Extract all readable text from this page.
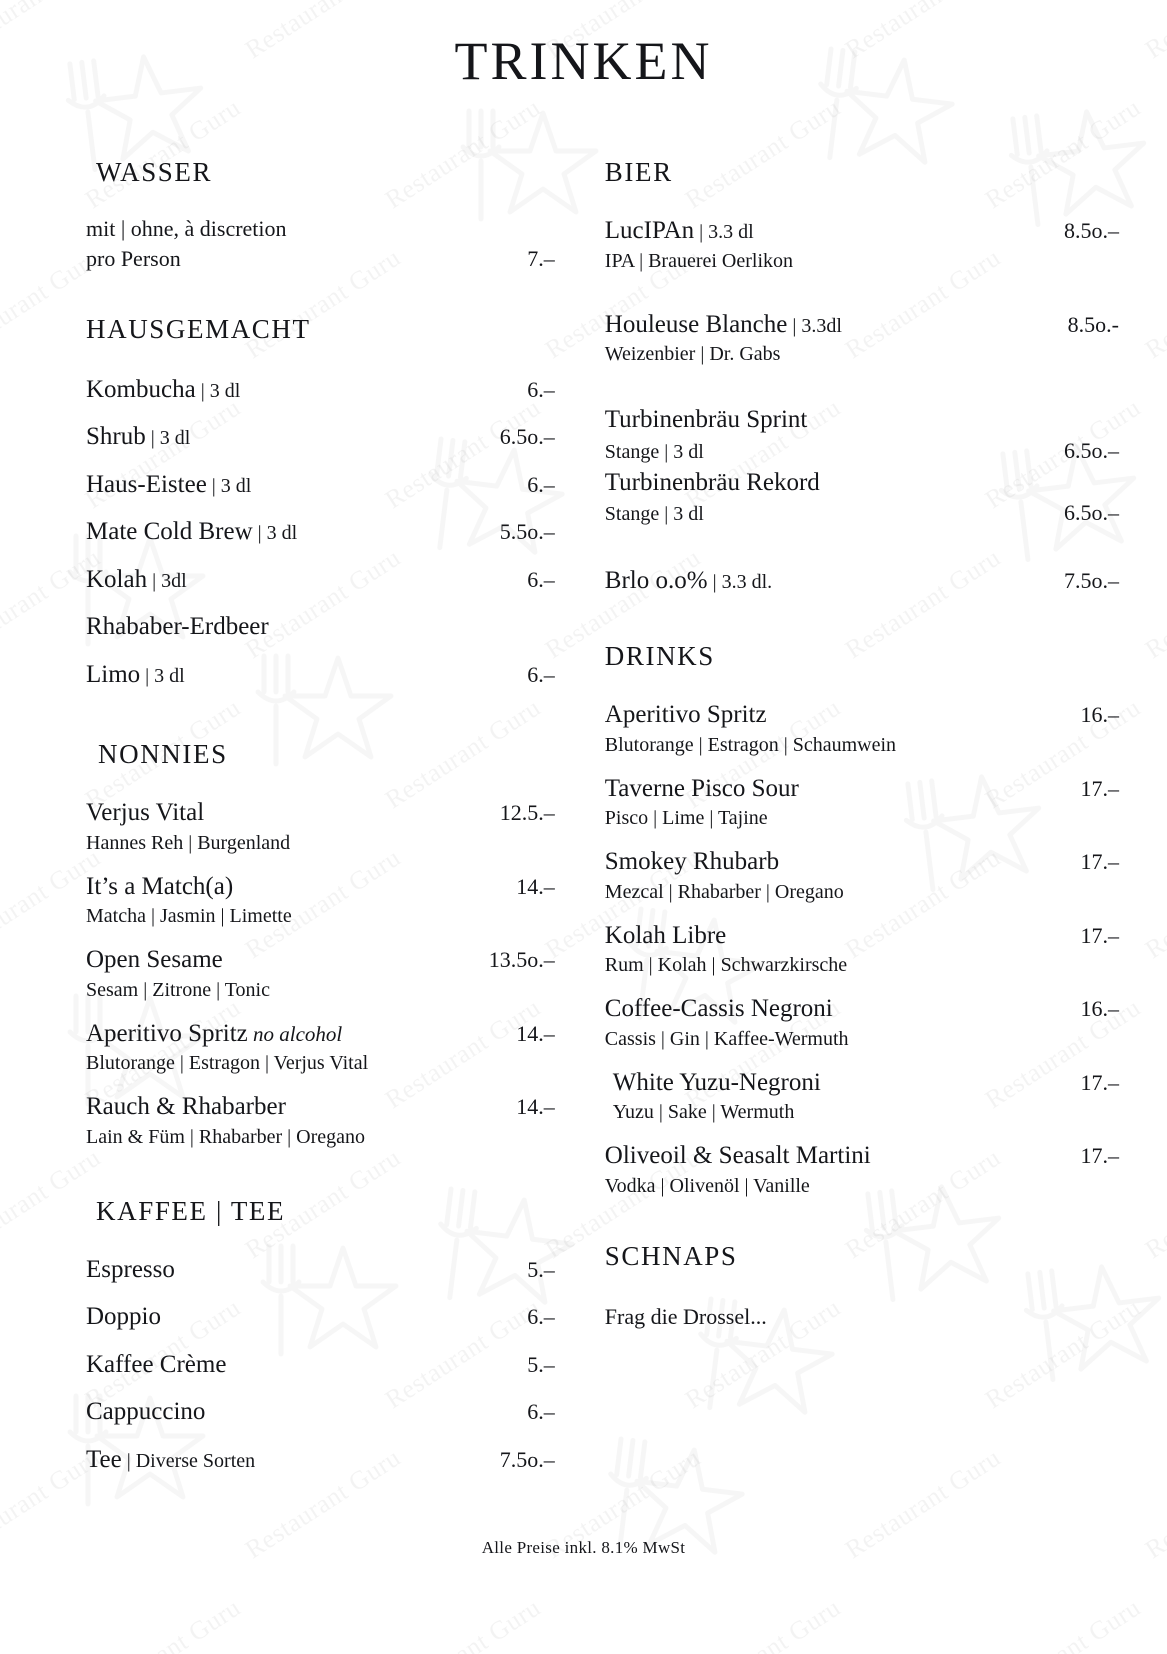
TRINKEN
WASSER
mit | ohne, à discretion
pro Person	7.–
HAUSGEMACHT
Kombucha | 3 dl	6.–
Shrub | 3 dl	6.5o.–
Haus-Eistee | 3 dl	6.–
Mate Cold Brew | 3 dl	5.5o.–
Kolah | 3dl	6.–
Rhababer-Erdbeer
Limo | 3 dl	6.–
NONNIES
Verjus Vital	12.5.–
Hannes Reh | Burgenland
It’s a Match(a)	14.–
Matcha | Jasmin | Limette
Open Sesame	13.5o.–
Sesam | Zitrone | Tonic
Aperitivo Spritz no alcohol	14.–
Blutorange | Estragon | Verjus Vital
Rauch & Rhabarber	14.–
Lain & Füm | Rhabarber | Oregano
KAFFEE | TEE
Espresso	5.–
Doppio	6.–
Kaffee Crème	5.–
Cappuccino	6.–
Tee | Diverse Sorten	7.5o.–
BIER
LucIPAn | 3.3 dl	8.5o.–
IPA | Brauerei Oerlikon
Houleuse Blanche | 3.3dl	8.5o.-
Weizenbier | Dr. Gabs
Turbinenbräu Sprint
Stange | 3 dl	6.5o.–
Turbinenbräu Rekord
Stange | 3 dl	6.5o.–
Brlo o.o% | 3.3 dl.	7.5o.–
DRINKS
Aperitivo Spritz	16.–
Blutorange | Estragon | Schaumwein
Taverne Pisco Sour	17.–
Pisco | Lime | Tajine
Smokey Rhubarb	17.–
Mezcal | Rhabarber | Oregano
Kolah Libre	17.–
Rum | Kolah | Schwarzkirsche
Coffee-Cassis Negroni	16.–
Cassis | Gin | Kaffee-Wermuth
White Yuzu-Negroni	17.–
Yuzu | Sake | Wermuth
Oliveoil & Seasalt Martini	17.–
Vodka | Olivenöl | Vanille
SCHNAPS
Frag die Drossel...
Alle Preise inkl. 8.1% MwSt
